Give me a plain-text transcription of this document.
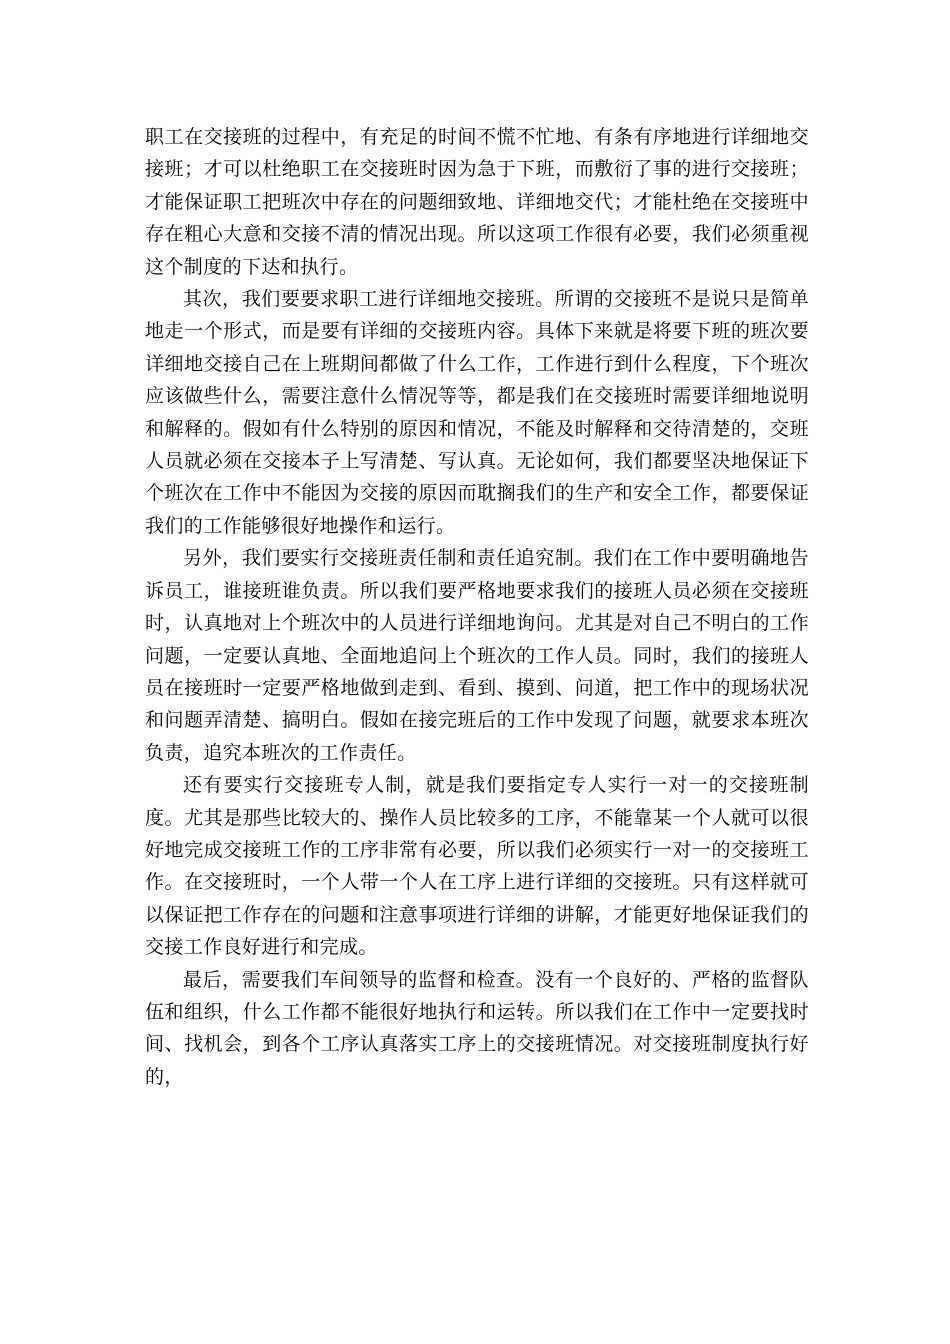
职工在交接班的过程中，有充足的时间不慌不忙地、有条有序地进行详细地交接班；才可以杜绝职工在交接班时因为急于下班，而敷衍了事的进行交接班；才能保证职工把班次中存在的问题细致地、详细地交代；才能杜绝在交接班中存在粗心大意和交接不清的情况出现。所以这项工作很有必要，我们必须重视这个制度的下达和执行。

其次，我们要要求职工进行详细地交接班。所谓的交接班不是说只是简单地走一个形式，而是要有详细的交接班内容。具体下来就是将要下班的班次要详细地交接自己在上班期间都做了什么工作，工作进行到什么程度，下个班次应该做些什么，需要注意什么情况等等，都是我们在交接班时需要详细地说明和解释的。假如有什么特别的原因和情况，不能及时解释和交待清楚的，交班人员就必须在交接本子上写清楚、写认真。无论如何，我们都要坚决地保证下个班次在工作中不能因为交接的原因而耽搁我们的生产和安全工作，都要保证我们的工作能够很好地操作和运行。

另外，我们要实行交接班责任制和责任追究制。我们在工作中要明确地告诉员工，谁接班谁负责。所以我们要严格地要求我们的接班人员必须在交接班时，认真地对上个班次中的人员进行详细地询问。尤其是对自己不明白的工作问题，一定要认真地、全面地追问上个班次的工作人员。同时，我们的接班人员在接班时一定要严格地做到走到、看到、摸到、问道，把工作中的现场状况和问题弄清楚、搞明白。假如在接完班后的工作中发现了问题，就要求本班次负责，追究本班次的工作责任。

还有要实行交接班专人制，就是我们要指定专人实行一对一的交接班制度。尤其是那些比较大的、操作人员比较多的工序，不能靠某一个人就可以很好地完成交接班工作的工序非常有必要，所以我们必须实行一对一的交接班工作。在交接班时，一个人带一个人在工序上进行详细的交接班。只有这样就可以保证把工作存在的问题和注意事项进行详细的讲解，才能更好地保证我们的交接工作良好进行和完成。

最后，需要我们车间领导的监督和检查。没有一个良好的、严格的监督队伍和组织，什么工作都不能很好地执行和运转。所以我们在工作中一定要找时间、找机会，到各个工序认真落实工序上的交接班情况。对交接班制度执行好的，
